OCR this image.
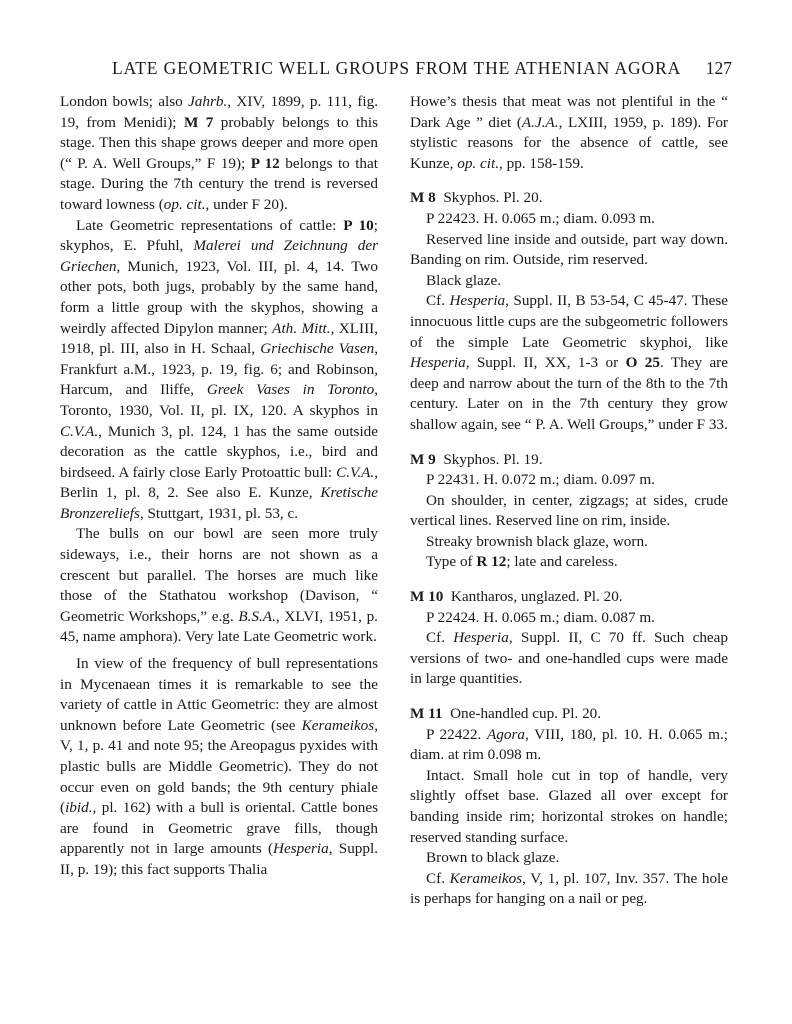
LATE GEOMETRIC WELL GROUPS FROM THE ATHENIAN AGORA 127

London bowls; also Jahrb., XIV, 1899, p. 111, fig. 19, from Menidi); M 7 probably belongs to this stage. Then this shape grows deeper and more open (“ P. A. Well Groups,” F 19); P 12 belongs to that stage. During the 7th century the trend is reversed toward lowness (op. cit., under F 20).

Late Geometric representations of cattle: P 10; skyphos, E. Pfuhl, Malerei und Zeichnung der Griechen, Munich, 1923, Vol. III, pl. 4, 14. Two other pots, both jugs, probably by the same hand, form a little group with the skyphos, showing a weirdly affected Dipylon manner; Ath. Mitt., XLIII, 1918, pl. III, also in H. Schaal, Griechische Vasen, Frankfurt a.M., 1923, p. 19, fig. 6; and Robinson, Harcum, and Iliffe, Greek Vases in Toronto, Toronto, 1930, Vol. II, pl. IX, 120. A skyphos in C.V.A., Munich 3, pl. 124, 1 has the same outside decoration as the cattle skyphos, i.e., bird and birdseed. A fairly close Early Protoattic bull: C.V.A., Berlin 1, pl. 8, 2. See also E. Kunze, Kretische Bronzereliefs, Stuttgart, 1931, pl. 53, c.

The bulls on our bowl are seen more truly sideways, i.e., their horns are not shown as a crescent but parallel. The horses are much like those of the Stathatou workshop (Davison, “ Geometric Workshops,” e.g. B.S.A., XLVI, 1951, p. 45, name amphora). Very late Late Geometric work.

In view of the frequency of bull representations in Mycenaean times it is remarkable to see the variety of cattle in Attic Geometric: they are almost unknown before Late Geometric (see Kerameikos, V, 1, p. 41 and note 95; the Areopagus pyxides with plastic bulls are Middle Geometric). They do not occur even on gold bands; the 9th century phiale (ibid., pl. 162) with a bull is oriental. Cattle bones are found in Geometric grave fills, though apparently not in large amounts (Hesperia, Suppl. II, p. 19); this fact supports Thalia

Howe’s thesis that meat was not plentiful in the “ Dark Age ” diet (A.J.A., LXIII, 1959, p. 189). For stylistic reasons for the absence of cattle, see Kunze, op. cit., pp. 158-159.

M 8 Skyphos. Pl. 20.

P 22423. H. 0.065 m.; diam. 0.093 m.

Reserved line inside and outside, part way down. Banding on rim. Outside, rim reserved.

Black glaze.

Cf. Hesperia, Suppl. II, B 53-54, C 45-47. These innocuous little cups are the subgeometric followers of the simple Late Geometric skyphoi, like Hesperia, Suppl. II, XX, 1-3 or O 25. They are deep and narrow about the turn of the 8th to the 7th century. Later on in the 7th century they grow shallow again, see “ P. A. Well Groups,” under F 33.

M 9 Skyphos. Pl. 19.

P 22431. H. 0.072 m.; diam. 0.097 m.

On shoulder, in center, zigzags; at sides, crude vertical lines. Reserved line on rim, inside.

Streaky brownish black glaze, worn.

Type of R 12; late and careless.

M 10 Kantharos, unglazed. Pl. 20.

P 22424. H. 0.065 m.; diam. 0.087 m.

Cf. Hesperia, Suppl. II, C 70 ff. Such cheap versions of two- and one-handled cups were made in large quantities.

M 11 One-handled cup. Pl. 20.

P 22422. Agora, VIII, 180, pl. 10. H. 0.065 m.; diam. at rim 0.098 m.

Intact. Small hole cut in top of handle, very slightly offset base. Glazed all over except for banding inside rim; horizontal strokes on handle; reserved standing surface.

Brown to black glaze.

Cf. Kerameikos, V, 1, pl. 107, Inv. 357. The hole is perhaps for hanging on a nail or peg.
